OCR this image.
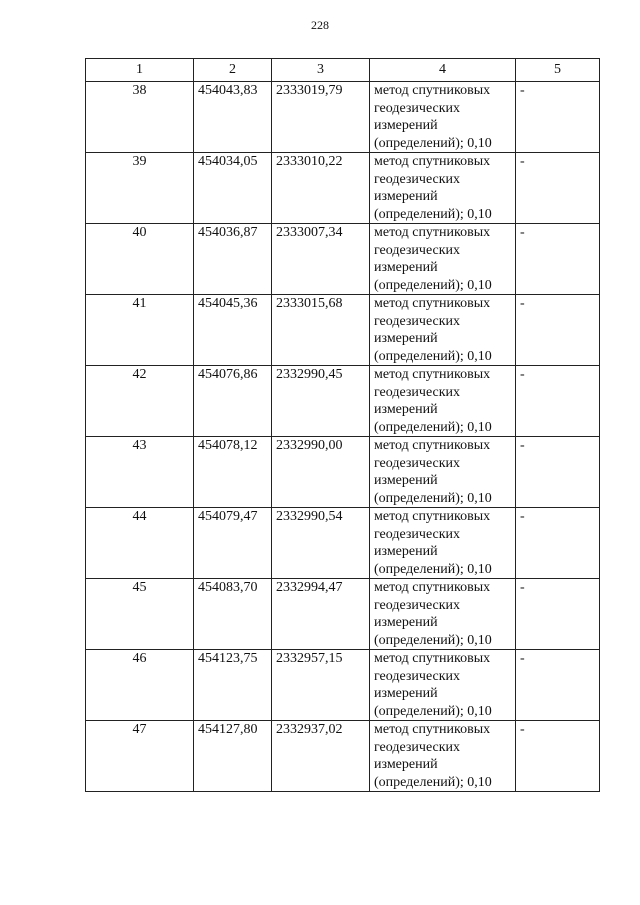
228
1	2	3	4	5
38	454043,83	2333019,79	метод спутниковых геодезических измерений (определений); 0,10	-
39	454034,05	2333010,22	метод спутниковых геодезических измерений (определений); 0,10	-
40	454036,87	2333007,34	метод спутниковых геодезических измерений (определений); 0,10	-
41	454045,36	2333015,68	метод спутниковых геодезических измерений (определений); 0,10	-
42	454076,86	2332990,45	метод спутниковых геодезических измерений (определений); 0,10	-
43	454078,12	2332990,00	метод спутниковых геодезических измерений (определений); 0,10	-
44	454079,47	2332990,54	метод спутниковых геодезических измерений (определений); 0,10	-
45	454083,70	2332994,47	метод спутниковых геодезических измерений (определений); 0,10	-
46	454123,75	2332957,15	метод спутниковых геодезических измерений (определений); 0,10	-
47	454127,80	2332937,02	метод спутниковых геодезических измерений (определений); 0,10	-
